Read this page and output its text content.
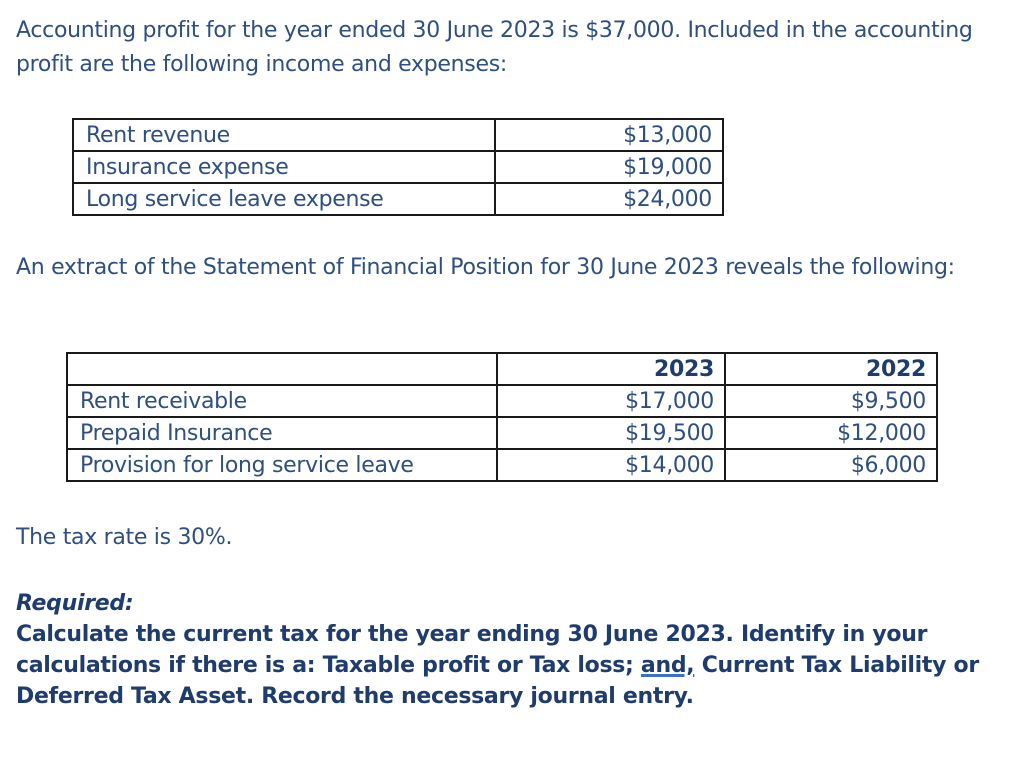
Accounting profit for the year ended 30 June 2023 is $37,000. Included in the accounting profit are the following income and expenses:

Rent revenue	$13,000
Insurance expense	$19,000
Long service leave expense	$24,000

An extract of the Statement of Financial Position for 30 June 2023 reveals the following:

	2023	2022
Rent receivable	$17,000	$9,500
Prepaid Insurance	$19,500	$12,000
Provision for long service leave	$14,000	$6,000

The tax rate is 30%.

Required:
Calculate the current tax for the year ending 30 June 2023. Identify in your calculations if there is a: Taxable profit or Tax loss; and, Current Tax Liability or Deferred Tax Asset. Record the necessary journal entry.
